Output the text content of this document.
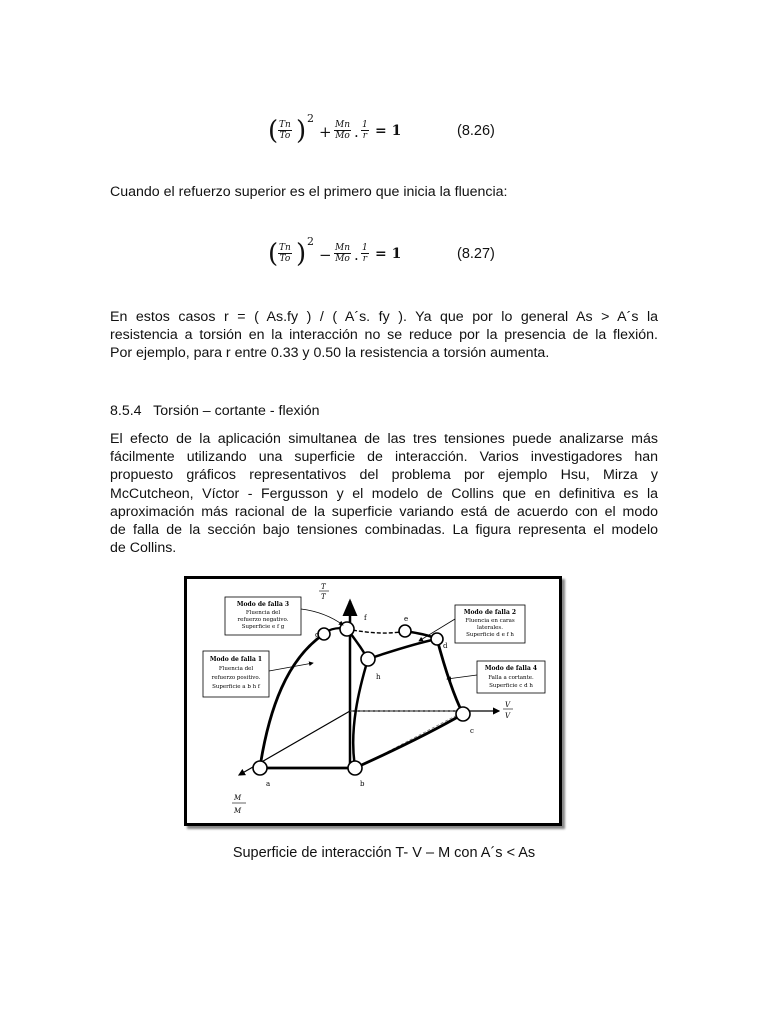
( $\frac{Tn}{To}$ ) 2
+ $\frac{Mn}{Mo}$ . $\frac{1}{r} = 1$	(8.26)

Cuando el refuerzo superior es el primero que inicia la fluencia:

( $\frac{Tn}{To}$ ) 2
− $\frac{Mn}{Mo}$ . $\frac{1}{r} = 1$	(8.27)
En estos casos r = ( As.fy ) / ( A´s. fy ). Ya que por lo general As > A´s la
resistencia a torsión en la interacción no se reduce por la presencia de la flexión.
Por ejemplo, para r entre 0.33 y 0.50 la resistencia a torsión aumenta.
8.5.4   Torsión – cortante - flexión
El efecto de la aplicación simultanea de las tres tensiones puede analizarse más
fácilmente utilizando una superficie de interacción. Varios investigadores han
propuesto gráficos representativos del problema por ejemplo Hsu, Mirza y
McCutcheon, Víctor - Fergusson y el modelo de Collins que en definitiva es la
aproximación más racional de la superficie variando está de acuerdo con el modo
de falla de la sección bajo tensiones combinadas. La figura representa el modelo
de Collins.
a	b
c
d
e
f
g
h
T
T
V
V
M
M
Modo de falla 3
Fluencia del
refuerzo negativo.
Superficie e f g
Modo de falla 2
Fluencia en caras
laterales.
Superficie d e f h
Modo de falla 1
Fluencia del
refuerzo positivo.
Superficie a b h f
Modo de falla 4
Falla a cortante.
Superficie c d h
Superficie de interacción T- V – M con A´s < As
